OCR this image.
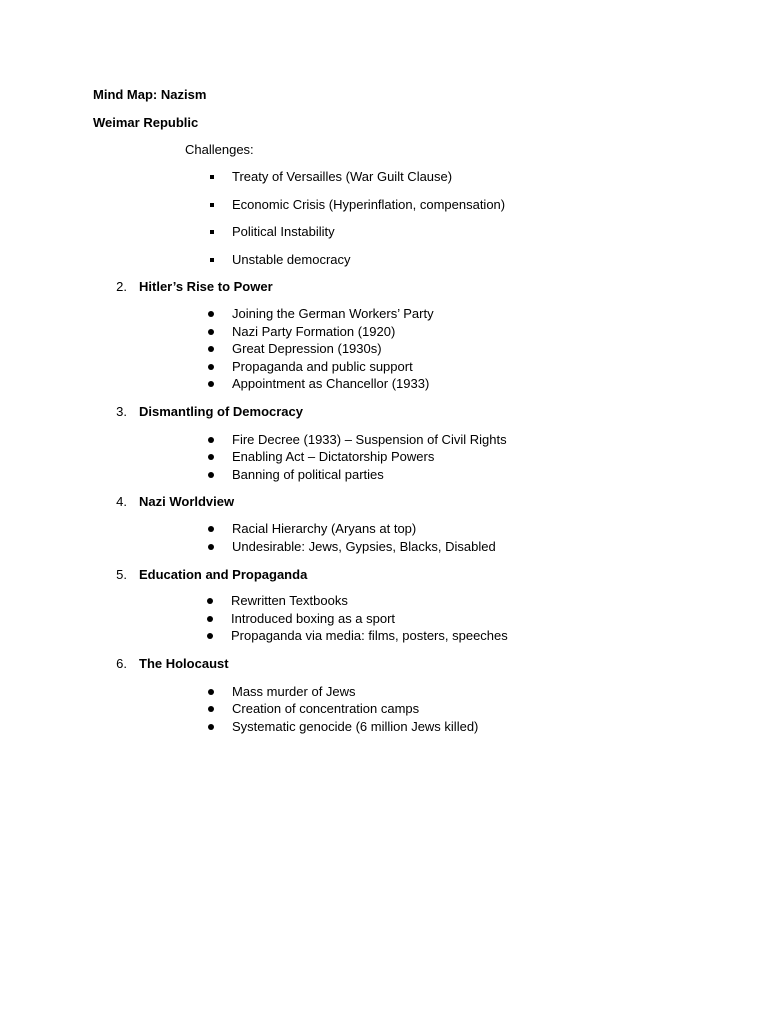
Mind Map: Nazism
Weimar Republic
Challenges:
Treaty of Versailles (War Guilt Clause)
Economic Crisis (Hyperinflation, compensation)
Political Instability
Unstable democracy
2. Hitler’s Rise to Power
Joining the German Workers’ Party
Nazi Party Formation (1920)
Great Depression (1930s)
Propaganda and public support
Appointment as Chancellor (1933)
3. Dismantling of Democracy
Fire Decree (1933) – Suspension of Civil Rights
Enabling Act – Dictatorship Powers
Banning of political parties
4. Nazi Worldview
Racial Hierarchy (Aryans at top)
Undesirable: Jews, Gypsies, Blacks, Disabled
5. Education and Propaganda
Rewritten Textbooks
Introduced boxing as a sport
Propaganda via media: films, posters, speeches
6. The Holocaust
Mass murder of Jews
Creation of concentration camps
Systematic genocide (6 million Jews killed)
